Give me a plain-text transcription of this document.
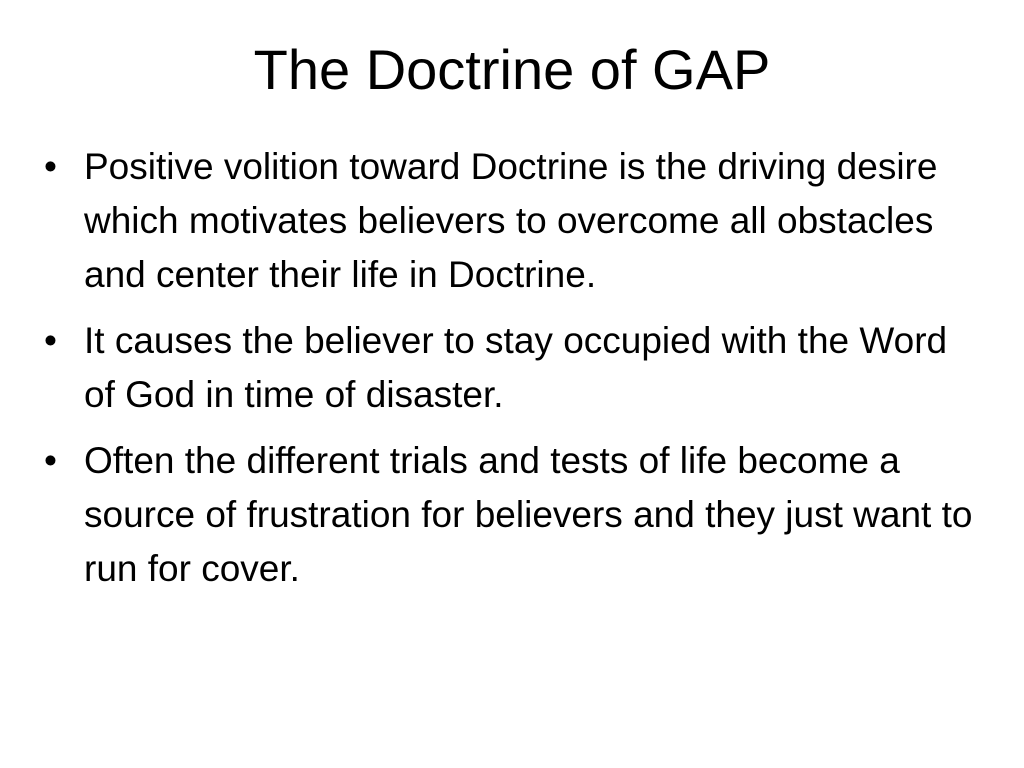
The Doctrine of GAP
• Positive volition toward Doctrine is the driving desire which motivates believers to overcome all obstacles and center their life in Doctrine.
• It causes the believer to stay occupied with the Word of God in time of disaster.
• Often the different trials and tests of life become a source of frustration for believers and they just want to run for cover.
